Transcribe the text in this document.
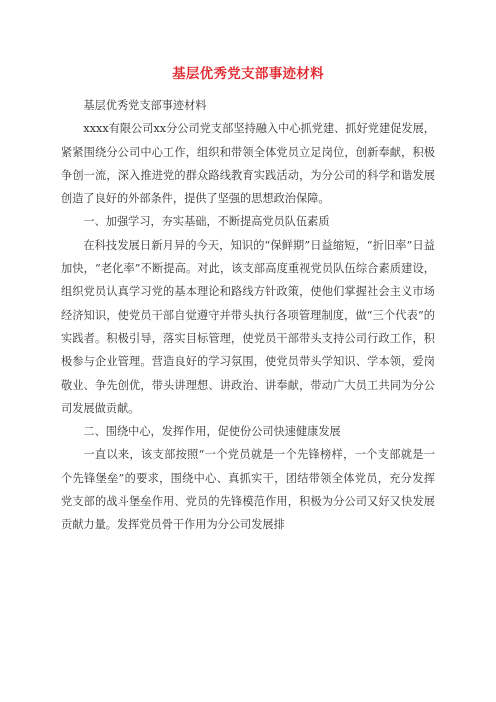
基层优秀党支部事迹材料

基层优秀党支部事迹材料

xxxx有限公司xx分公司党支部坚持融入中心抓党建、抓好党建促发展，紧紧围绕分公司中心工作，组织和带领全体党员立足岗位，创新奉献，积极争创一流，深入推进党的群众路线教育实践活动，为分公司的科学和谐发展创造了良好的外部条件，提供了坚强的思想政治保障。

一、加强学习，夯实基础，不断提高党员队伍素质

在科技发展日新月异的今天，知识的“保鲜期”日益缩短，“折旧率”日益加快，“老化率”不断提高。对此，该支部高度重视党员队伍综合素质建设，组织党员认真学习党的基本理论和路线方针政策，使他们掌握社会主义市场经济知识，使党员干部自觉遵守并带头执行各项管理制度，做“三个代表”的实践者。积极引导，落实目标管理，使党员干部带头支持公司行政工作，积极参与企业管理。营造良好的学习氛围，使党员带头学知识、学本领，爱岗敬业、争先创优，带头讲理想、讲政治、讲奉献，带动广大员工共同为分公司发展做贡献。

二、围绕中心，发挥作用，促使份公司快速健康发展

一直以来，该支部按照“一个党员就是一个先锋榜样，一个支部就是一个先锋堡垒”的要求，围绕中心、真抓实干，团结带领全体党员，充分发挥党支部的战斗堡垒作用、党员的先锋模范作用，积极为分公司又好又快发展贡献力量。发挥党员骨干作用为分公司发展排
